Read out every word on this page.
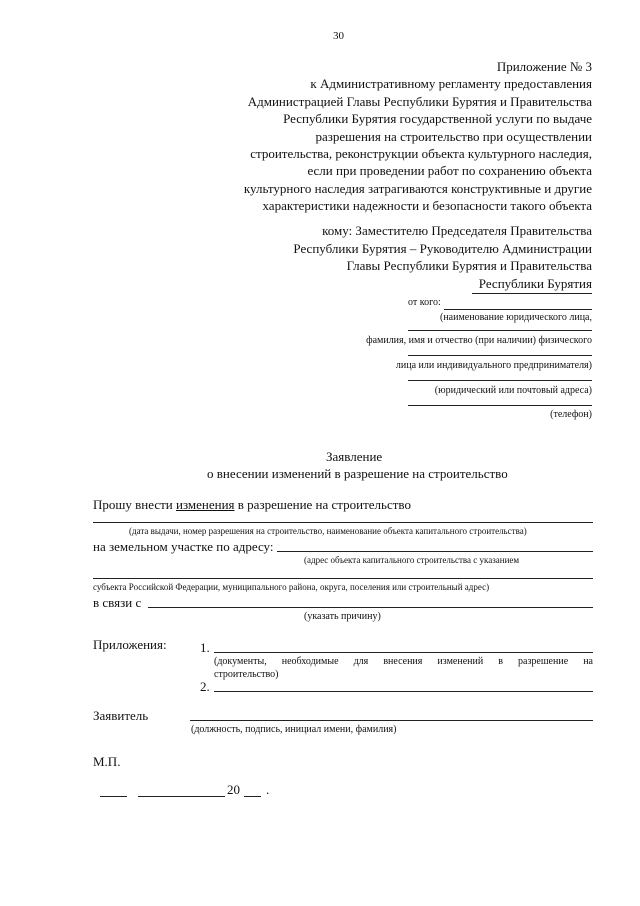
30
Приложение № 3
к Административному регламенту предоставления
Администрацией Главы Республики Бурятия и Правительства
Республики Бурятия государственной услуги по выдаче
разрешения на строительство при осуществлении
строительства, реконструкции объекта культурного наследия,
если при проведении работ по сохранению объекта
культурного наследия затрагиваются конструктивные и другие
характеристики надежности и безопасности такого объекта
кому: Заместителю Председателя Правительства
Республики Бурятия – Руководителю Администрации
Главы Республики Бурятия и Правительства
Республики Бурятия
от кого:
(наименование юридического лица,
фамилия, имя и отчество (при наличии) физического
лица или индивидуального предпринимателя)
(юридический или почтовый адреса)
(телефон)
Заявление
о внесении изменений в разрешение на строительство
Прошу внести изменения в разрешение на строительство
(дата выдачи, номер разрешения на строительство, наименование объекта капитального строительства)
на земельном участке по адресу:
(адрес объекта капитального строительства с указанием
субъекта Российской Федерации, муниципального района, округа, поселения или строительный адрес)
в связи с
(указать причину)
Приложения:	1.
(документы, необходимые для внесения изменений в разрешение на
строительство)
2.
Заявитель
(должность, подпись, инициал имени, фамилия)
М.П.
20 .
